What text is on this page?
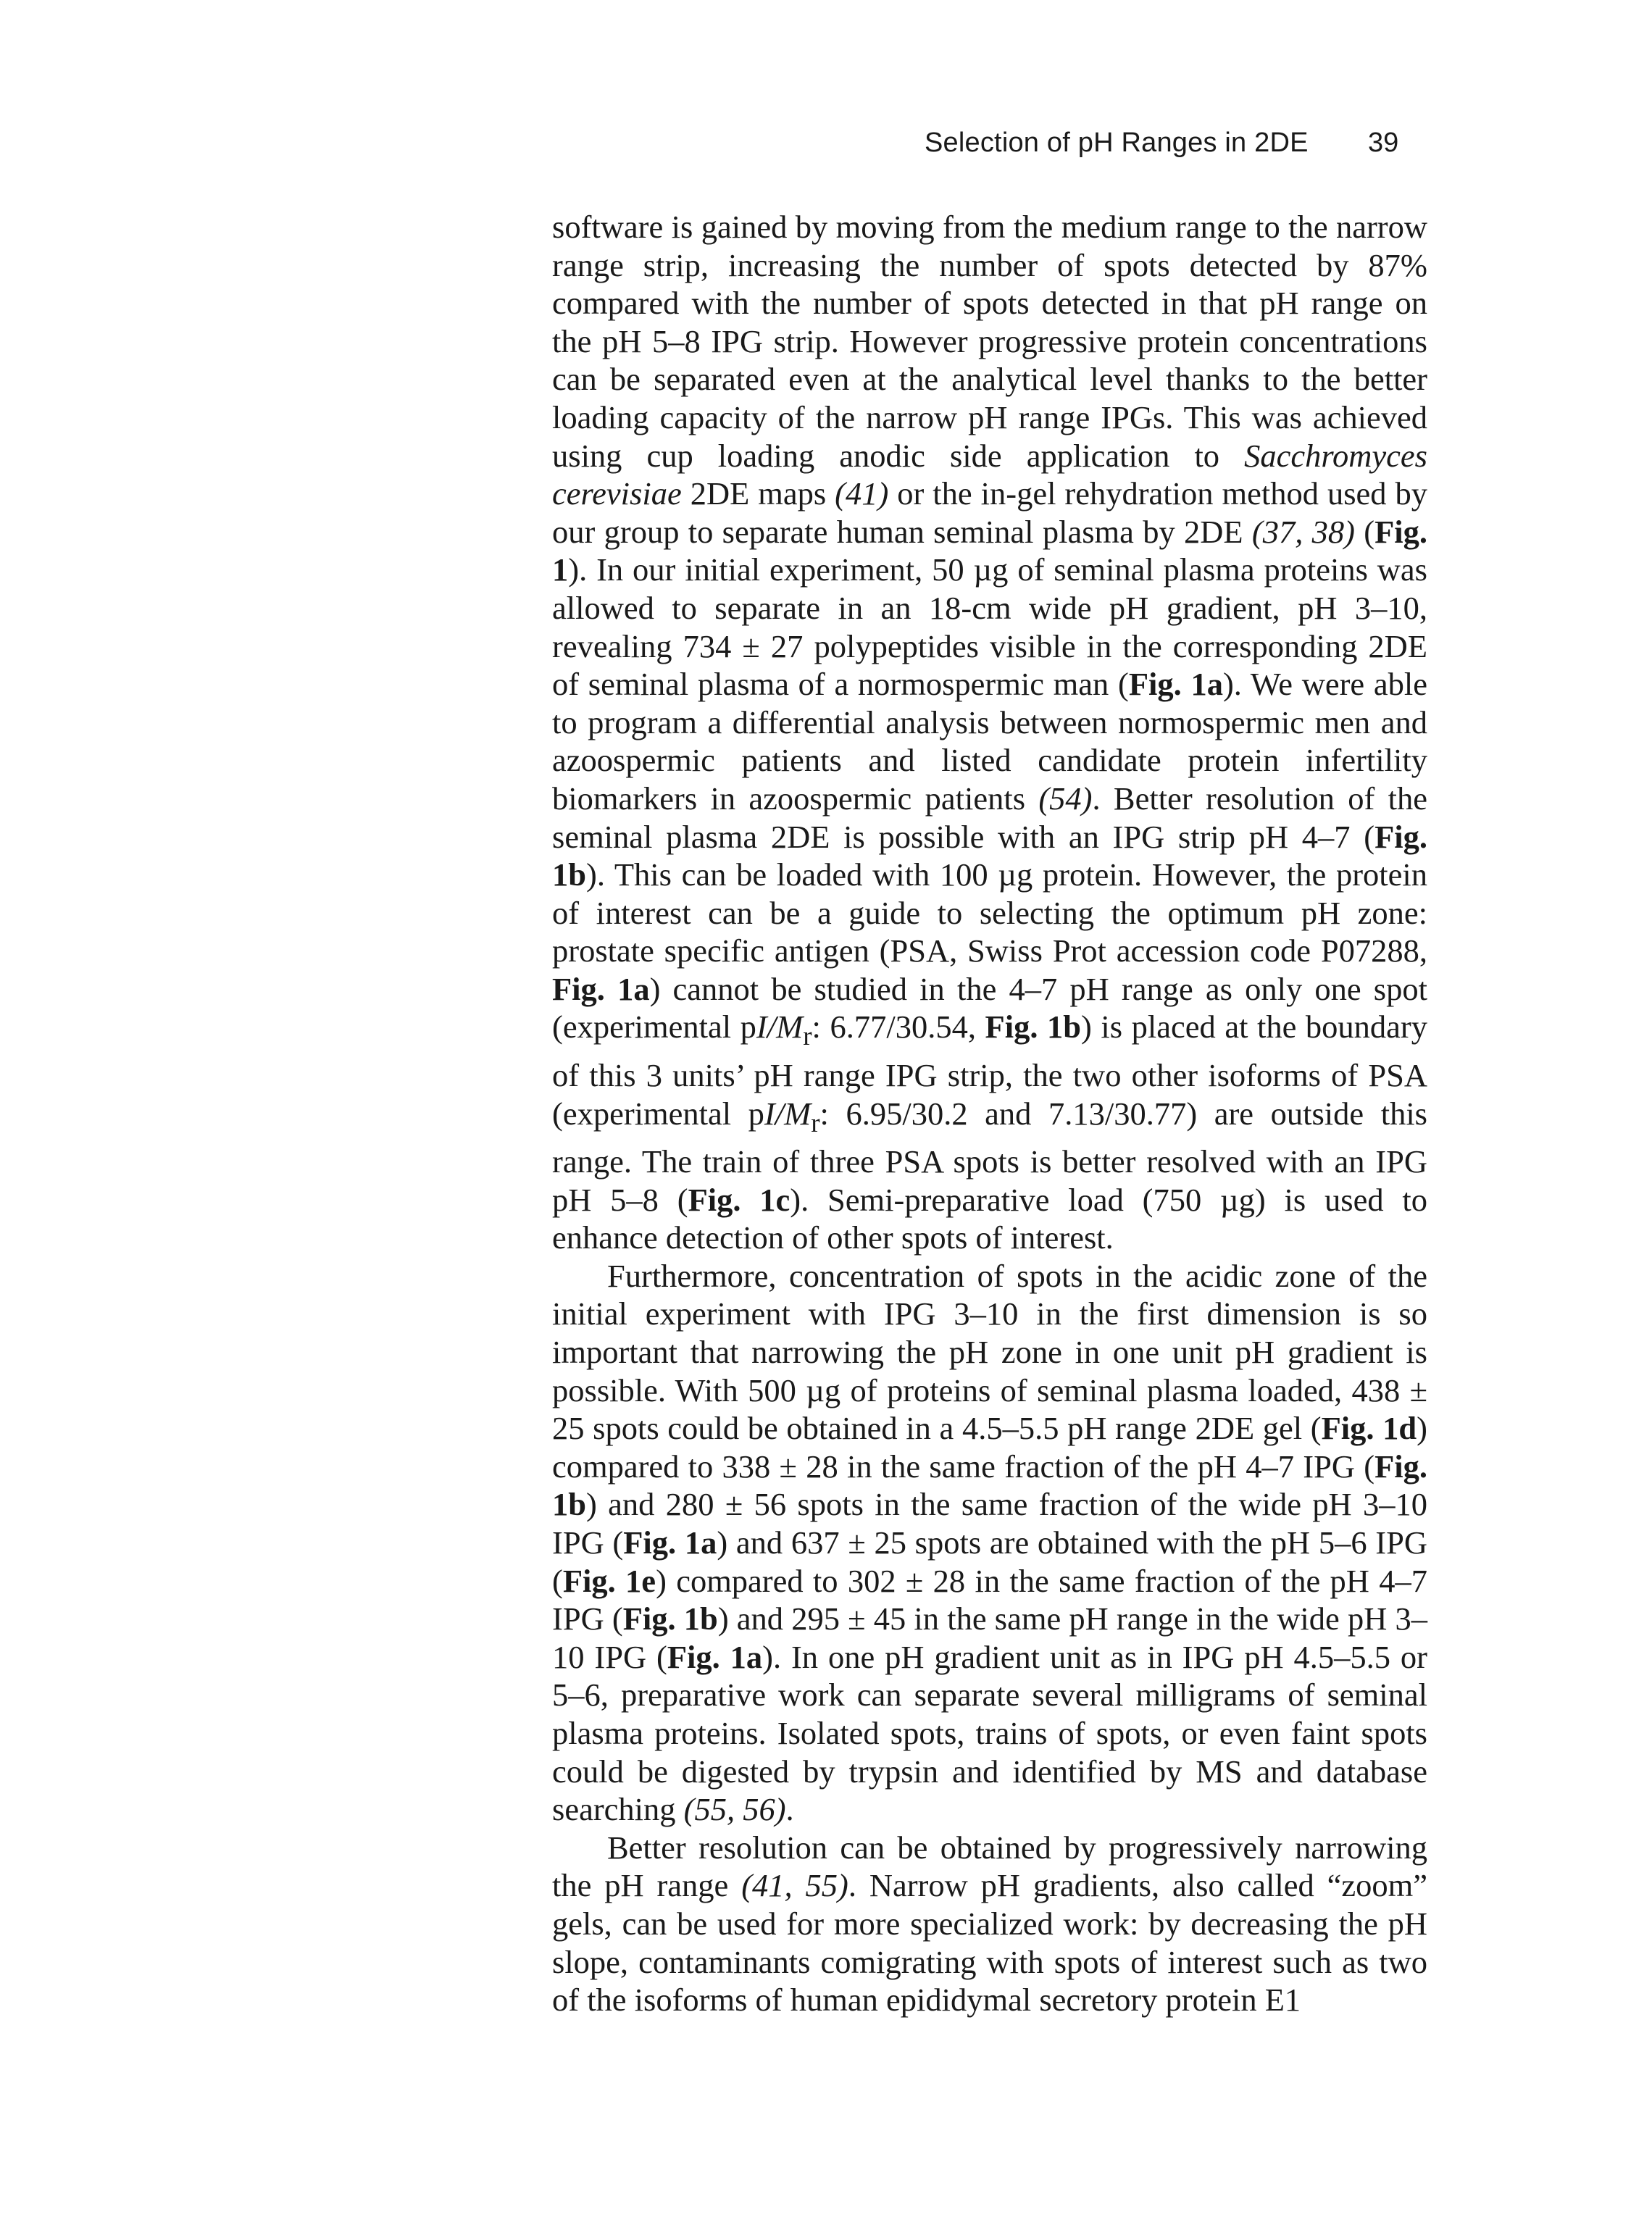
Selection of pH Ranges in 2DE 39

software is gained by moving from the medium range to the narrow range strip, increasing the number of spots detected by 87% compared with the number of spots detected in that pH range on the pH 5–8 IPG strip. However progressive protein concentrations can be separated even at the analytical level thanks to the better loading capacity of the narrow pH range IPGs. This was achieved using cup loading anodic side application to Sacchromyces cerevisiae 2DE maps (41) or the in-gel rehydration method used by our group to separate human seminal plasma by 2DE (37, 38) (Fig. 1). In our initial experiment, 50 µg of seminal plasma proteins was allowed to separate in an 18-cm wide pH gradient, pH 3–10, revealing 734 ± 27 polypeptides visible in the corresponding 2DE of seminal plasma of a normospermic man (Fig. 1a). We were able to program a differential analysis between normospermic men and azoospermic patients and listed candidate protein infertility biomarkers in azoospermic patients (54). Better resolution of the seminal plasma 2DE is possible with an IPG strip pH 4–7 (Fig. 1b). This can be loaded with 100 µg protein. However, the protein of interest can be a guide to selecting the optimum pH zone: prostate specific antigen (PSA, Swiss Prot accession code P07288, Fig. 1a) cannot be studied in the 4–7 pH range as only one spot (experimental $pI/M_r$: 6.77/30.54, Fig. 1b) is placed at the boundary of this 3 units’ pH range IPG strip, the two other isoforms of PSA (experimental $pI/M_r$: 6.95/30.2 and 7.13/30.77) are outside this range. The train of three PSA spots is better resolved with an IPG pH 5–8 (Fig. 1c). Semi-preparative load (750 µg) is used to enhance detection of other spots of interest.

Furthermore, concentration of spots in the acidic zone of the initial experiment with IPG 3–10 in the first dimension is so important that narrowing the pH zone in one unit pH gradient is possible. With 500 µg of proteins of seminal plasma loaded, 438 ± 25 spots could be obtained in a 4.5–5.5 pH range 2DE gel (Fig. 1d) compared to 338 ± 28 in the same fraction of the pH 4–7 IPG (Fig. 1b) and 280 ± 56 spots in the same fraction of the wide pH 3–10 IPG (Fig. 1a) and 637 ± 25 spots are obtained with the pH 5–6 IPG (Fig. 1e) compared to 302 ± 28 in the same fraction of the pH 4–7 IPG (Fig. 1b) and 295 ± 45 in the same pH range in the wide pH 3–10 IPG (Fig. 1a). In one pH gradient unit as in IPG pH 4.5–5.5 or 5–6, preparative work can separate several milligrams of seminal plasma proteins. Isolated spots, trains of spots, or even faint spots could be digested by trypsin and identified by MS and database searching (55, 56).

Better resolution can be obtained by progressively narrowing the pH range (41, 55). Narrow pH gradients, also called “zoom” gels, can be used for more specialized work: by decreasing the pH slope, contaminants comigrating with spots of interest such as two of the isoforms of human epididymal secretory protein E1
